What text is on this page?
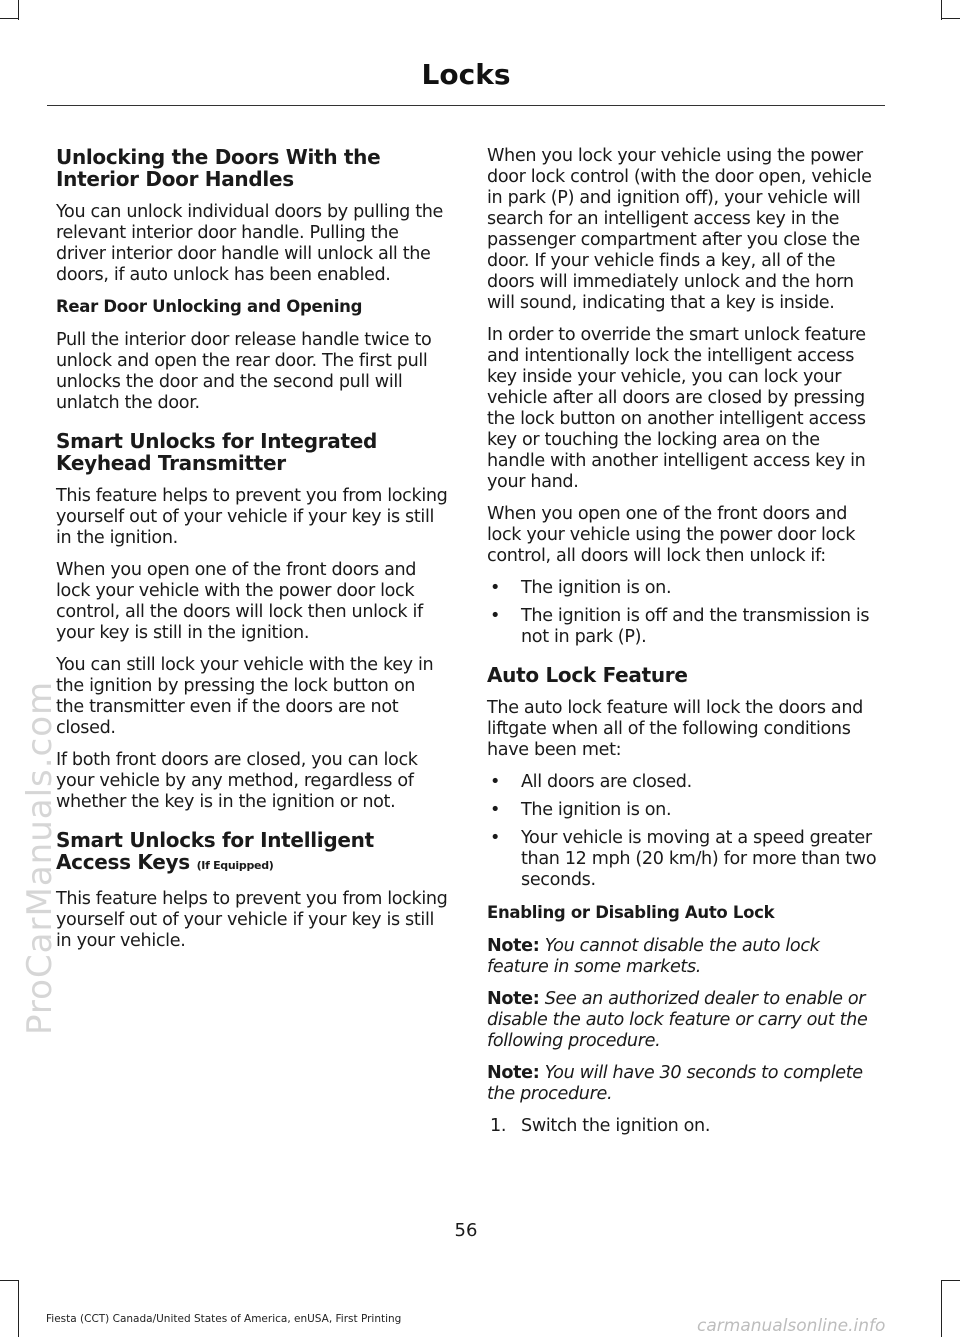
Locks
Unlocking the Doors With the Interior Door Handles

You can unlock individual doors by pulling the relevant interior door handle. Pulling the driver interior door handle will unlock all the doors, if auto unlock has been enabled.

Rear Door Unlocking and Opening

Pull the interior door release handle twice to unlock and open the rear door. The first pull unlocks the door and the second pull will unlatch the door.

Smart Unlocks for Integrated Keyhead Transmitter

This feature helps to prevent you from locking yourself out of your vehicle if your key is still in the ignition.

When you open one of the front doors and lock your vehicle with the power door lock control, all the doors will lock then unlock if your key is still in the ignition.

You can still lock your vehicle with the key in the ignition by pressing the lock button on the transmitter even if the doors are not closed.

If both front doors are closed, you can lock your vehicle by any method, regardless of whether the key is in the ignition or not.

Smart Unlocks for Intelligent Access Keys (If Equipped)

This feature helps to prevent you from locking yourself out of your vehicle if your key is still in your vehicle.

When you lock your vehicle using the power door lock control (with the door open, vehicle in park (P) and ignition off), your vehicle will search for an intelligent access key in the passenger compartment after you close the door. If your vehicle finds a key, all of the doors will immediately unlock and the horn will sound, indicating that a key is inside.

In order to override the smart unlock feature and intentionally lock the intelligent access key inside your vehicle, you can lock your vehicle after all doors are closed by pressing the lock button on another intelligent access key or touching the locking area on the handle with another intelligent access key in your hand.

When you open one of the front doors and lock your vehicle using the power door lock control, all doors will lock then unlock if:

• The ignition is on.
• The ignition is off and the transmission is not in park (P).
Auto Lock Feature

The auto lock feature will lock the doors and liftgate when all of the following conditions have been met:

• All doors are closed.
• The ignition is on.
• Your vehicle is moving at a speed greater than 12 mph (20 km/h) for more than two seconds.
Enabling or Disabling Auto Lock

Note: You cannot disable the auto lock feature in some markets.

Note: See an authorized dealer to enable or disable the auto lock feature or carry out the following procedure.

Note: You will have 30 seconds to complete the procedure.

1. Switch the ignition on.

ProCarManuals.com
56
Fiesta (CCT) Canada/United States of America, enUSA, First Printing	carmanualsonline.info
